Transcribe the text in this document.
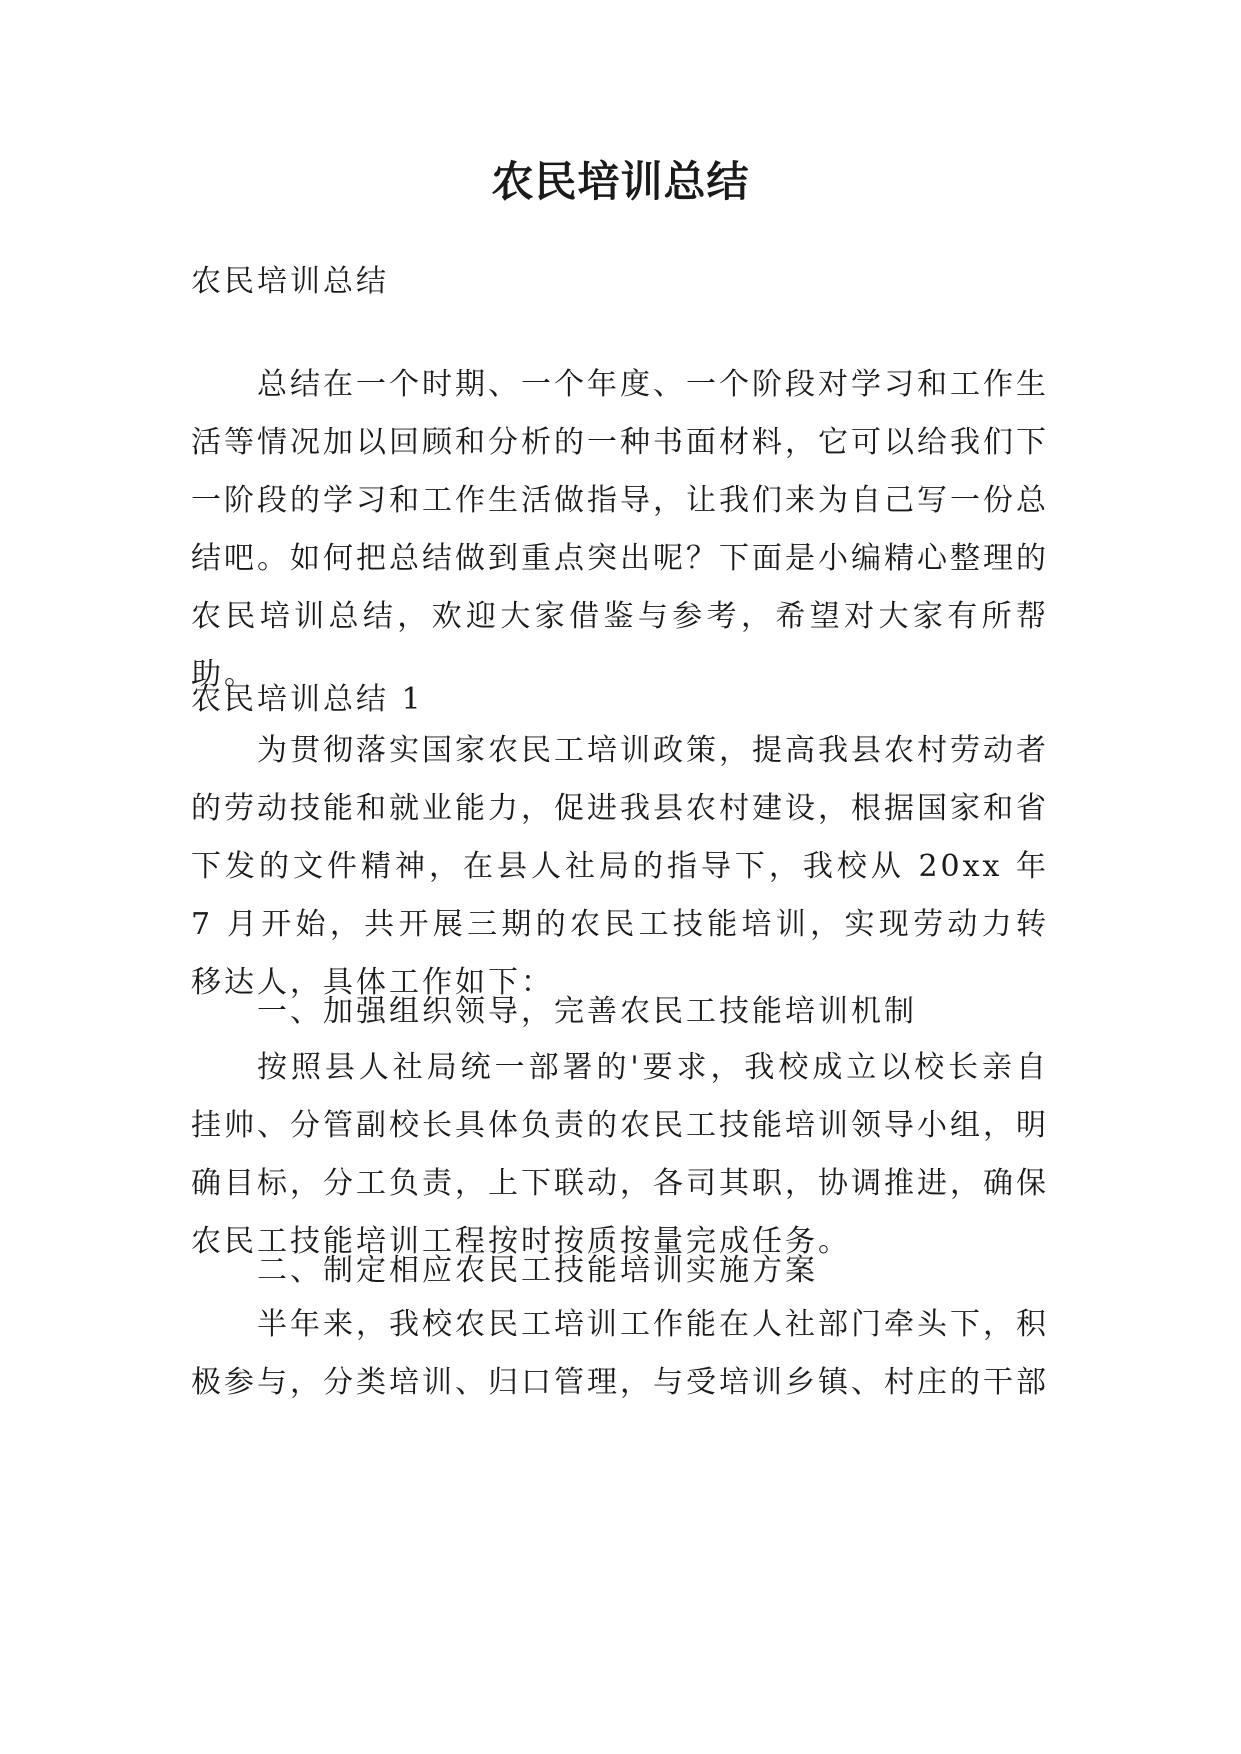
农民培训总结

农民培训总结

总结在一个时期、一个年度、一个阶段对学习和工作生活等情况加以回顾和分析的一种书面材料，它可以给我们下一阶段的学习和工作生活做指导，让我们来为自己写一份总结吧。如何把总结做到重点突出呢？下面是小编精心整理的农民培训总结，欢迎大家借鉴与参考，希望对大家有所帮助。

农民培训总结 1

为贯彻落实国家农民工培训政策，提高我县农村劳动者的劳动技能和就业能力，促进我县农村建设，根据国家和省下发的文件精神，在县人社局的指导下，我校从 20xx 年 7 月开始，共开展三期的农民工技能培训，实现劳动力转移达人，具体工作如下：

一、加强组织领导，完善农民工技能培训机制

按照县人社局统一部署的'要求，我校成立以校长亲自挂帅、分管副校长具体负责的农民工技能培训领导小组，明确目标，分工负责，上下联动，各司其职，协调推进，确保农民工技能培训工程按时按质按量完成任务。

二、制定相应农民工技能培训实施方案

半年来，我校农民工培训工作能在人社部门牵头下，积极参与，分类培训、归口管理，与受培训乡镇、村庄的干部
